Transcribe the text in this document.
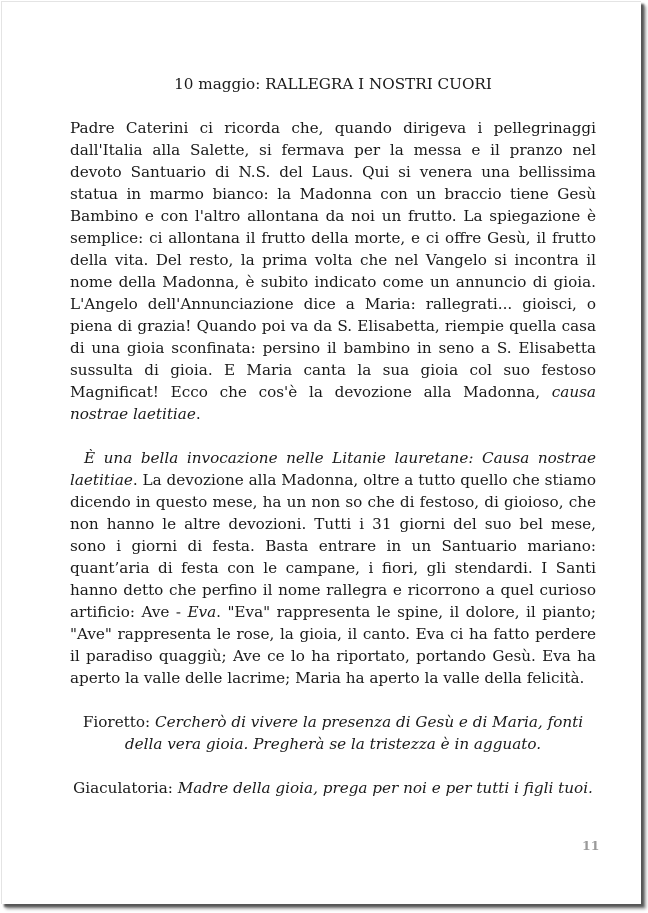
10 maggio: RALLEGRA I NOSTRI CUORI

Padre Caterini ci ricorda che, quando dirigeva i pellegrinaggi dall'Italia alla Salette, si fermava per la messa e il pranzo nel devoto Santuario di N.S. del Laus. Qui si venera una bellissima statua in marmo bianco: la Madonna con un braccio tiene Gesù Bambino e con l'altro allontana da noi un frutto. La spiegazione è semplice: ci allontana il frutto della morte, e ci offre Gesù, il frutto della vita. Del resto, la prima volta che nel Vangelo si incontra il nome della Madonna, è subito indicato come un annuncio di gioia. L'Angelo dell'Annunciazione dice a Maria: rallegrati... gioisci, o piena di grazia! Quando poi va da S. Elisabetta, riempie quella casa di una gioia sconfinata: persino il bambino in seno a S. Elisabetta sussulta di gioia. E Maria canta la sua gioia col suo festoso Magnificat! Ecco che cos'è la devozione alla Madonna, causa nostrae laetitiae.

È una bella invocazione nelle Litanie lauretane: Causa nostrae laetitiae. La devozione alla Madonna, oltre a tutto quello che stiamo dicendo in questo mese, ha un non so che di festoso, di gioioso, che non hanno le altre devozioni. Tutti i 31 giorni del suo bel mese, sono i giorni di festa. Basta entrare in un Santuario mariano: quant’aria di festa con le campane, i fiori, gli stendardi. I Santi hanno detto che perfino il nome rallegra e ricorrono a quel curioso artificio: Ave - Eva. "Eva" rappresenta le spine, il dolore, il pianto; "Ave" rappresenta le rose, la gioia, il canto. Eva ci ha fatto perdere il paradiso quaggiù; Ave ce lo ha riportato, portando Gesù. Eva ha aperto la valle delle lacrime; Maria ha aperto la valle della felicità.

Fioretto: Cercherò di vivere la presenza di Gesù e di Maria, fonti della vera gioia. Pregherà se la tristezza è in agguato.

Giaculatoria: Madre della gioia, prega per noi e per tutti i figli tuoi.

11
